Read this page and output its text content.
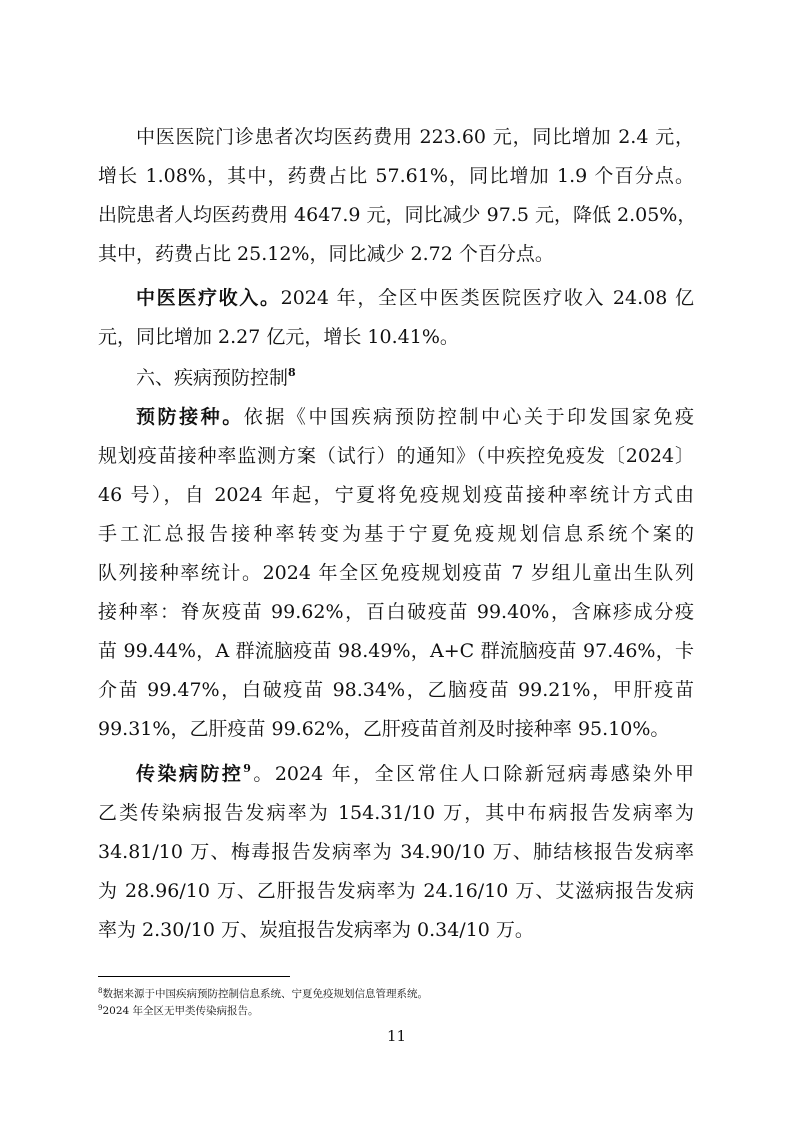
中医医院门诊患者次均医药费用 223.60 元，同比增加 2.4 元，
增长 1.08%，其中，药费占比 57.61%，同比增加 1.9 个百分点。
出院患者人均医药费用 4647.9 元，同比减少 97.5 元，降低 2.05%，
其中，药费占比 25.12%，同比减少 2.72 个百分点。
中医医疗收入。2024 年，全区中医类医院医疗收入 24.08 亿
元，同比增加 2.27 亿元，增长 10.41%。
六、疾病预防控制$^8$
预防接种。依据《中国疾病预防控制中心关于印发国家免疫
规划疫苗接种率监测方案（试行）的通知》（中疾控免疫发〔2024〕
46 号），自 2024 年起，宁夏将免疫规划疫苗接种率统计方式由
手工汇总报告接种率转变为基于宁夏免疫规划信息系统个案的
队列接种率统计。2024 年全区免疫规划疫苗 7 岁组儿童出生队列
接种率：脊灰疫苗 99.62%，百白破疫苗 99.40%，含麻疹成分疫
苗 99.44%，A 群流脑疫苗 98.49%，A+C 群流脑疫苗 97.46%，卡
介苗 99.47%，白破疫苗 98.34%，乙脑疫苗 99.21%，甲肝疫苗
99.31%，乙肝疫苗 99.62%，乙肝疫苗首剂及时接种率 95.10%。
传染病防控$^9$。2024 年，全区常住人口除新冠病毒感染外甲
乙类传染病报告发病率为 154.31/10 万，其中布病报告发病率为
34.81/10 万、梅毒报告发病率为 34.90/10 万、肺结核报告发病率
为 28.96/10 万、乙肝报告发病率为 24.16/10 万、艾滋病报告发病
率为 2.30/10 万、炭疽报告发病率为 0.34/10 万。
$^8$数据来源于中国疾病预防控制信息系统、宁夏免疫规划信息管理系统。
$^9$2024 年全区无甲类传染病报告。
11
